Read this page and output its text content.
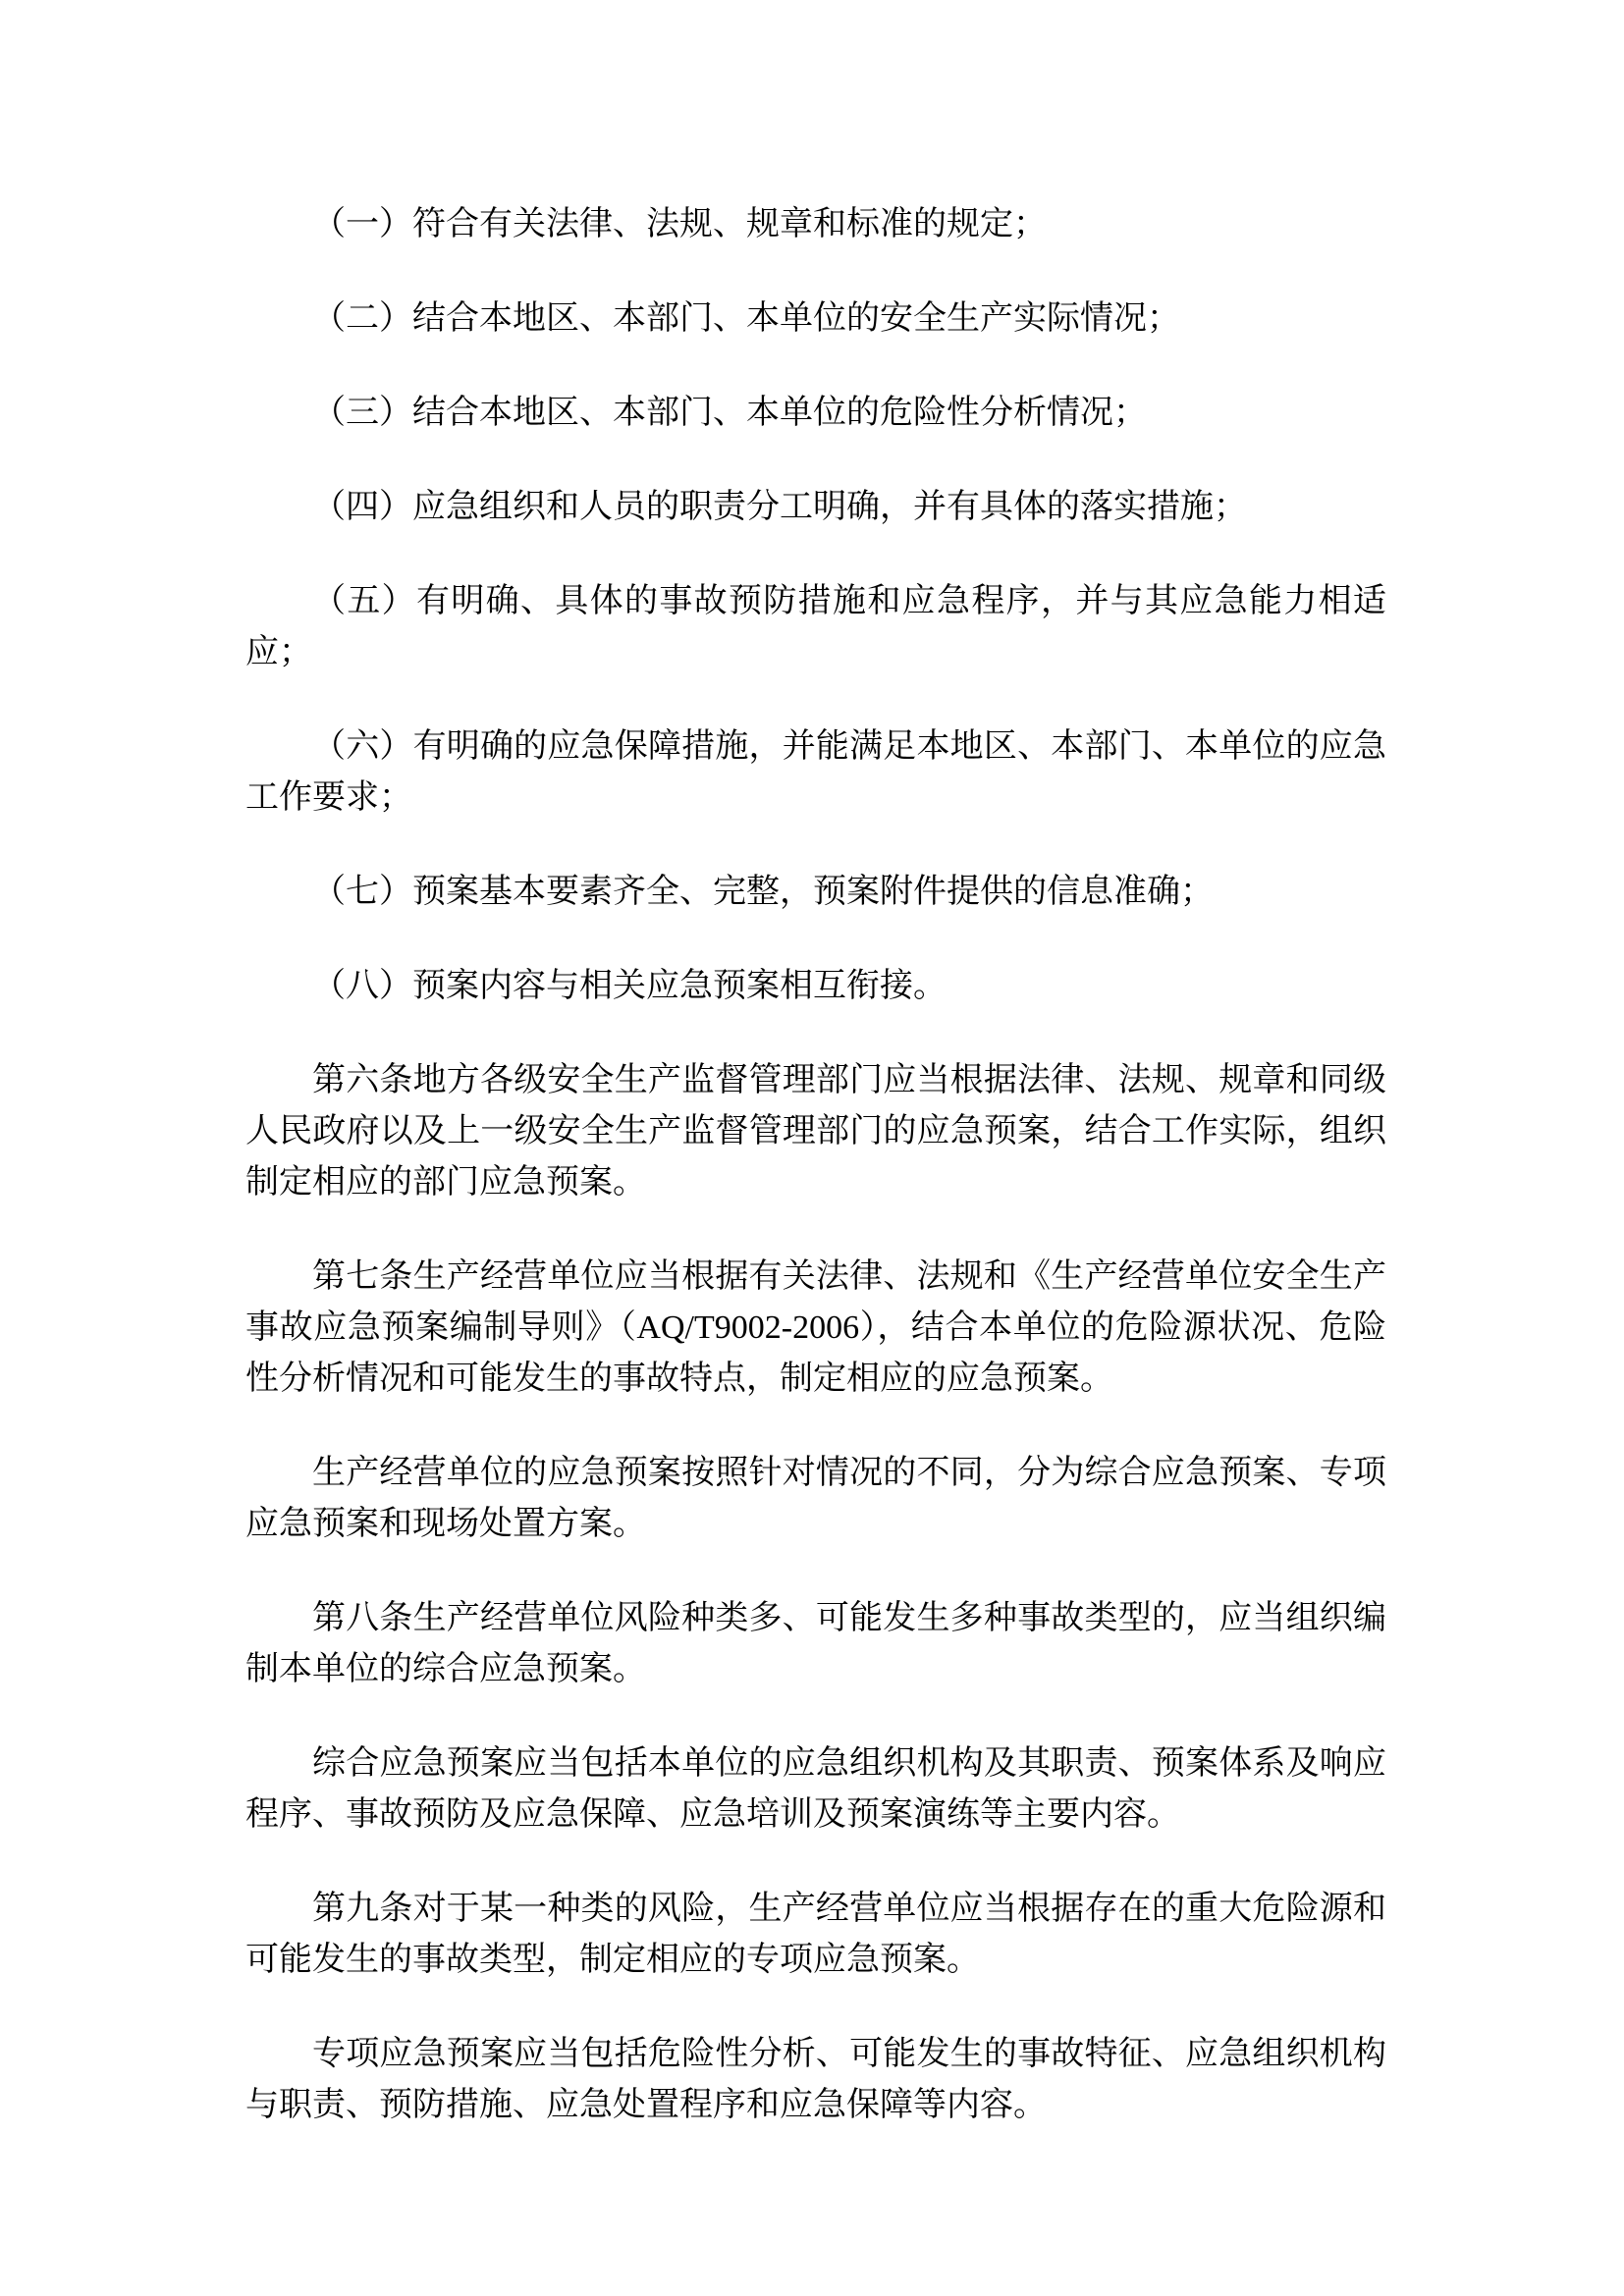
（一）符合有关法律、法规、规章和标准的规定；

（二）结合本地区、本部门、本单位的安全生产实际情况；

（三）结合本地区、本部门、本单位的危险性分析情况；

（四）应急组织和人员的职责分工明确，并有具体的落实措施；

（五）有明确、具体的事故预防措施和应急程序，并与其应急能力相适应；

（六）有明确的应急保障措施，并能满足本地区、本部门、本单位的应急工作要求；

（七）预案基本要素齐全、完整，预案附件提供的信息准确；

（八）预案内容与相关应急预案相互衔接。

第六条地方各级安全生产监督管理部门应当根据法律、法规、规章和同级人民政府以及上一级安全生产监督管理部门的应急预案，结合工作实际，组织制定相应的部门应急预案。

第七条生产经营单位应当根据有关法律、法规和《生产经营单位安全生产事故应急预案编制导则》（AQ/T9002-2006），结合本单位的危险源状况、危险性分析情况和可能发生的事故特点，制定相应的应急预案。

生产经营单位的应急预案按照针对情况的不同，分为综合应急预案、专项应急预案和现场处置方案。

第八条生产经营单位风险种类多、可能发生多种事故类型的，应当组织编制本单位的综合应急预案。

综合应急预案应当包括本单位的应急组织机构及其职责、预案体系及响应程序、事故预防及应急保障、应急培训及预案演练等主要内容。

第九条对于某一种类的风险，生产经营单位应当根据存在的重大危险源和可能发生的事故类型，制定相应的专项应急预案。

专项应急预案应当包括危险性分析、可能发生的事故特征、应急组织机构与职责、预防措施、应急处置程序和应急保障等内容。
